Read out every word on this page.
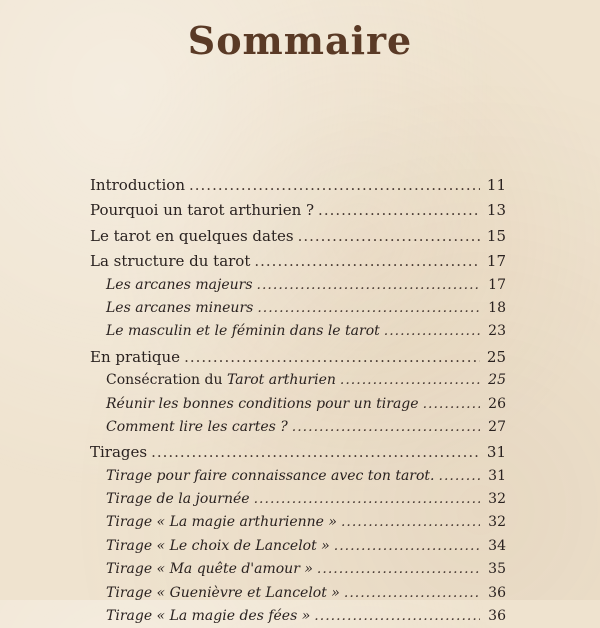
Sommaire
Introduction .....	11
Pourquoi un tarot arthurien ? .....	13
Le tarot en quelques dates .....	15
La structure du tarot .....	17
Les arcanes majeurs .....	17
Les arcanes mineurs .....	18
Le masculin et le féminin dans le tarot .....	23
En pratique .....	25
Consécration du Tarot arthurien .....	25
Réunir les bonnes conditions pour un tirage .....	26
Comment lire les cartes ? .....	27
Tirages .....	31
Tirage pour faire connaissance avec ton tarot. .....	31
Tirage de la journée .....	32
Tirage « La magie arthurienne » .....	32
Tirage « Le choix de Lancelot » .....	34
Tirage « Ma quête d'amour » .....	35
Tirage « Guenièvre et Lancelot » .....	36
Tirage « La magie des fées » .....	36
